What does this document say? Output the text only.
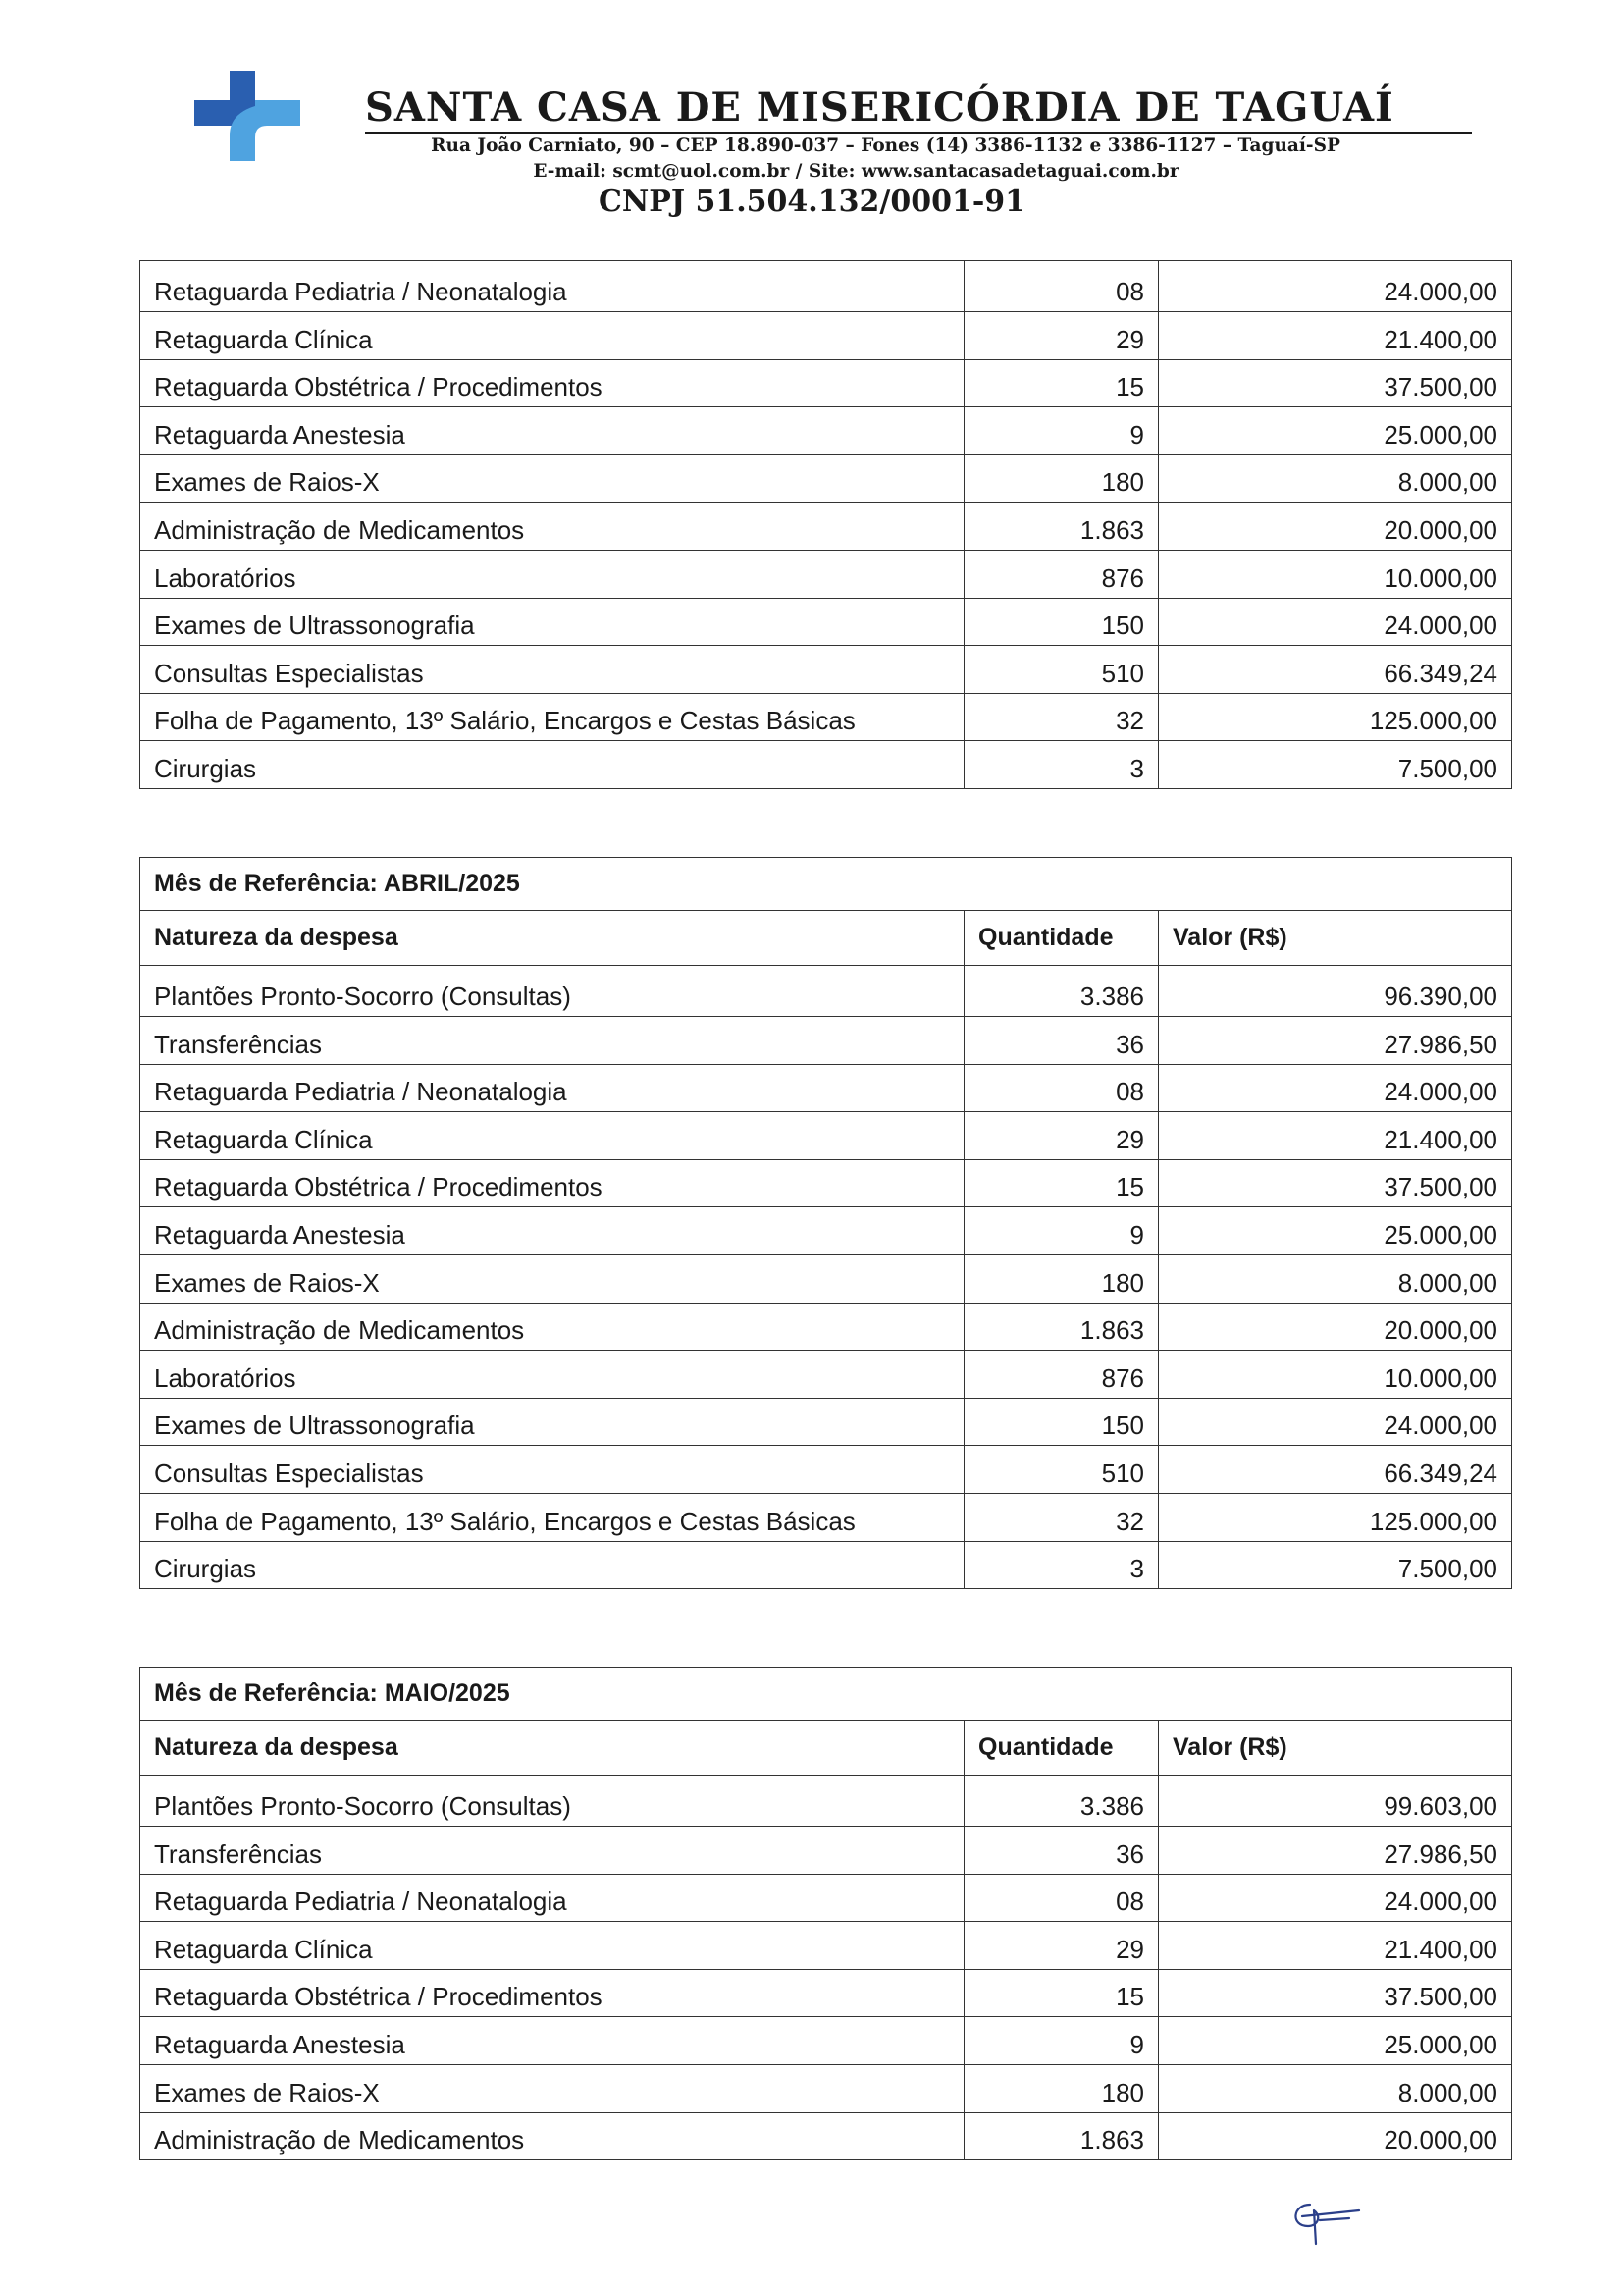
SANTA CASA DE MISERICÓRDIA DE TAGUAÍ
Rua João Carniato, 90 – CEP 18.890-037 – Fones (14) 3386-1132 e 3386-1127 – Taguaí-SP
E-mail: scmt@uol.com.br / Site: www.santacasadetaguai.com.br
CNPJ 51.504.132/0001-91
Retaguarda Pediatria / Neonatalogia	08	24.000,00
Retaguarda Clínica	29	21.400,00
Retaguarda Obstétrica / Procedimentos	15	37.500,00
Retaguarda Anestesia	9	25.000,00
Exames de Raios-X	180	8.000,00
Administração de Medicamentos	1.863	20.000,00
Laboratórios	876	10.000,00
Exames de Ultrassonografia	150	24.000,00
Consultas Especialistas	510	66.349,24
Folha de Pagamento, 13º Salário, Encargos e Cestas Básicas	32	125.000,00
Cirurgias	3	7.500,00
Mês de Referência: ABRIL/2025		
Natureza da despesa	Quantidade	Valor (R$)
Plantões Pronto-Socorro (Consultas)	3.386	96.390,00
Transferências	36	27.986,50
Retaguarda Pediatria / Neonatalogia	08	24.000,00
Retaguarda Clínica	29	21.400,00
Retaguarda Obstétrica / Procedimentos	15	37.500,00
Retaguarda Anestesia	9	25.000,00
Exames de Raios-X	180	8.000,00
Administração de Medicamentos	1.863	20.000,00
Laboratórios	876	10.000,00
Exames de Ultrassonografia	150	24.000,00
Consultas Especialistas	510	66.349,24
Folha de Pagamento, 13º Salário, Encargos e Cestas Básicas	32	125.000,00
Cirurgias	3	7.500,00
Mês de Referência: MAIO/2025		
Natureza da despesa	Quantidade	Valor (R$)
Plantões Pronto-Socorro (Consultas)	3.386	99.603,00
Transferências	36	27.986,50
Retaguarda Pediatria / Neonatalogia	08	24.000,00
Retaguarda Clínica	29	21.400,00
Retaguarda Obstétrica / Procedimentos	15	37.500,00
Retaguarda Anestesia	9	25.000,00
Exames de Raios-X	180	8.000,00
Administração de Medicamentos	1.863	20.000,00
